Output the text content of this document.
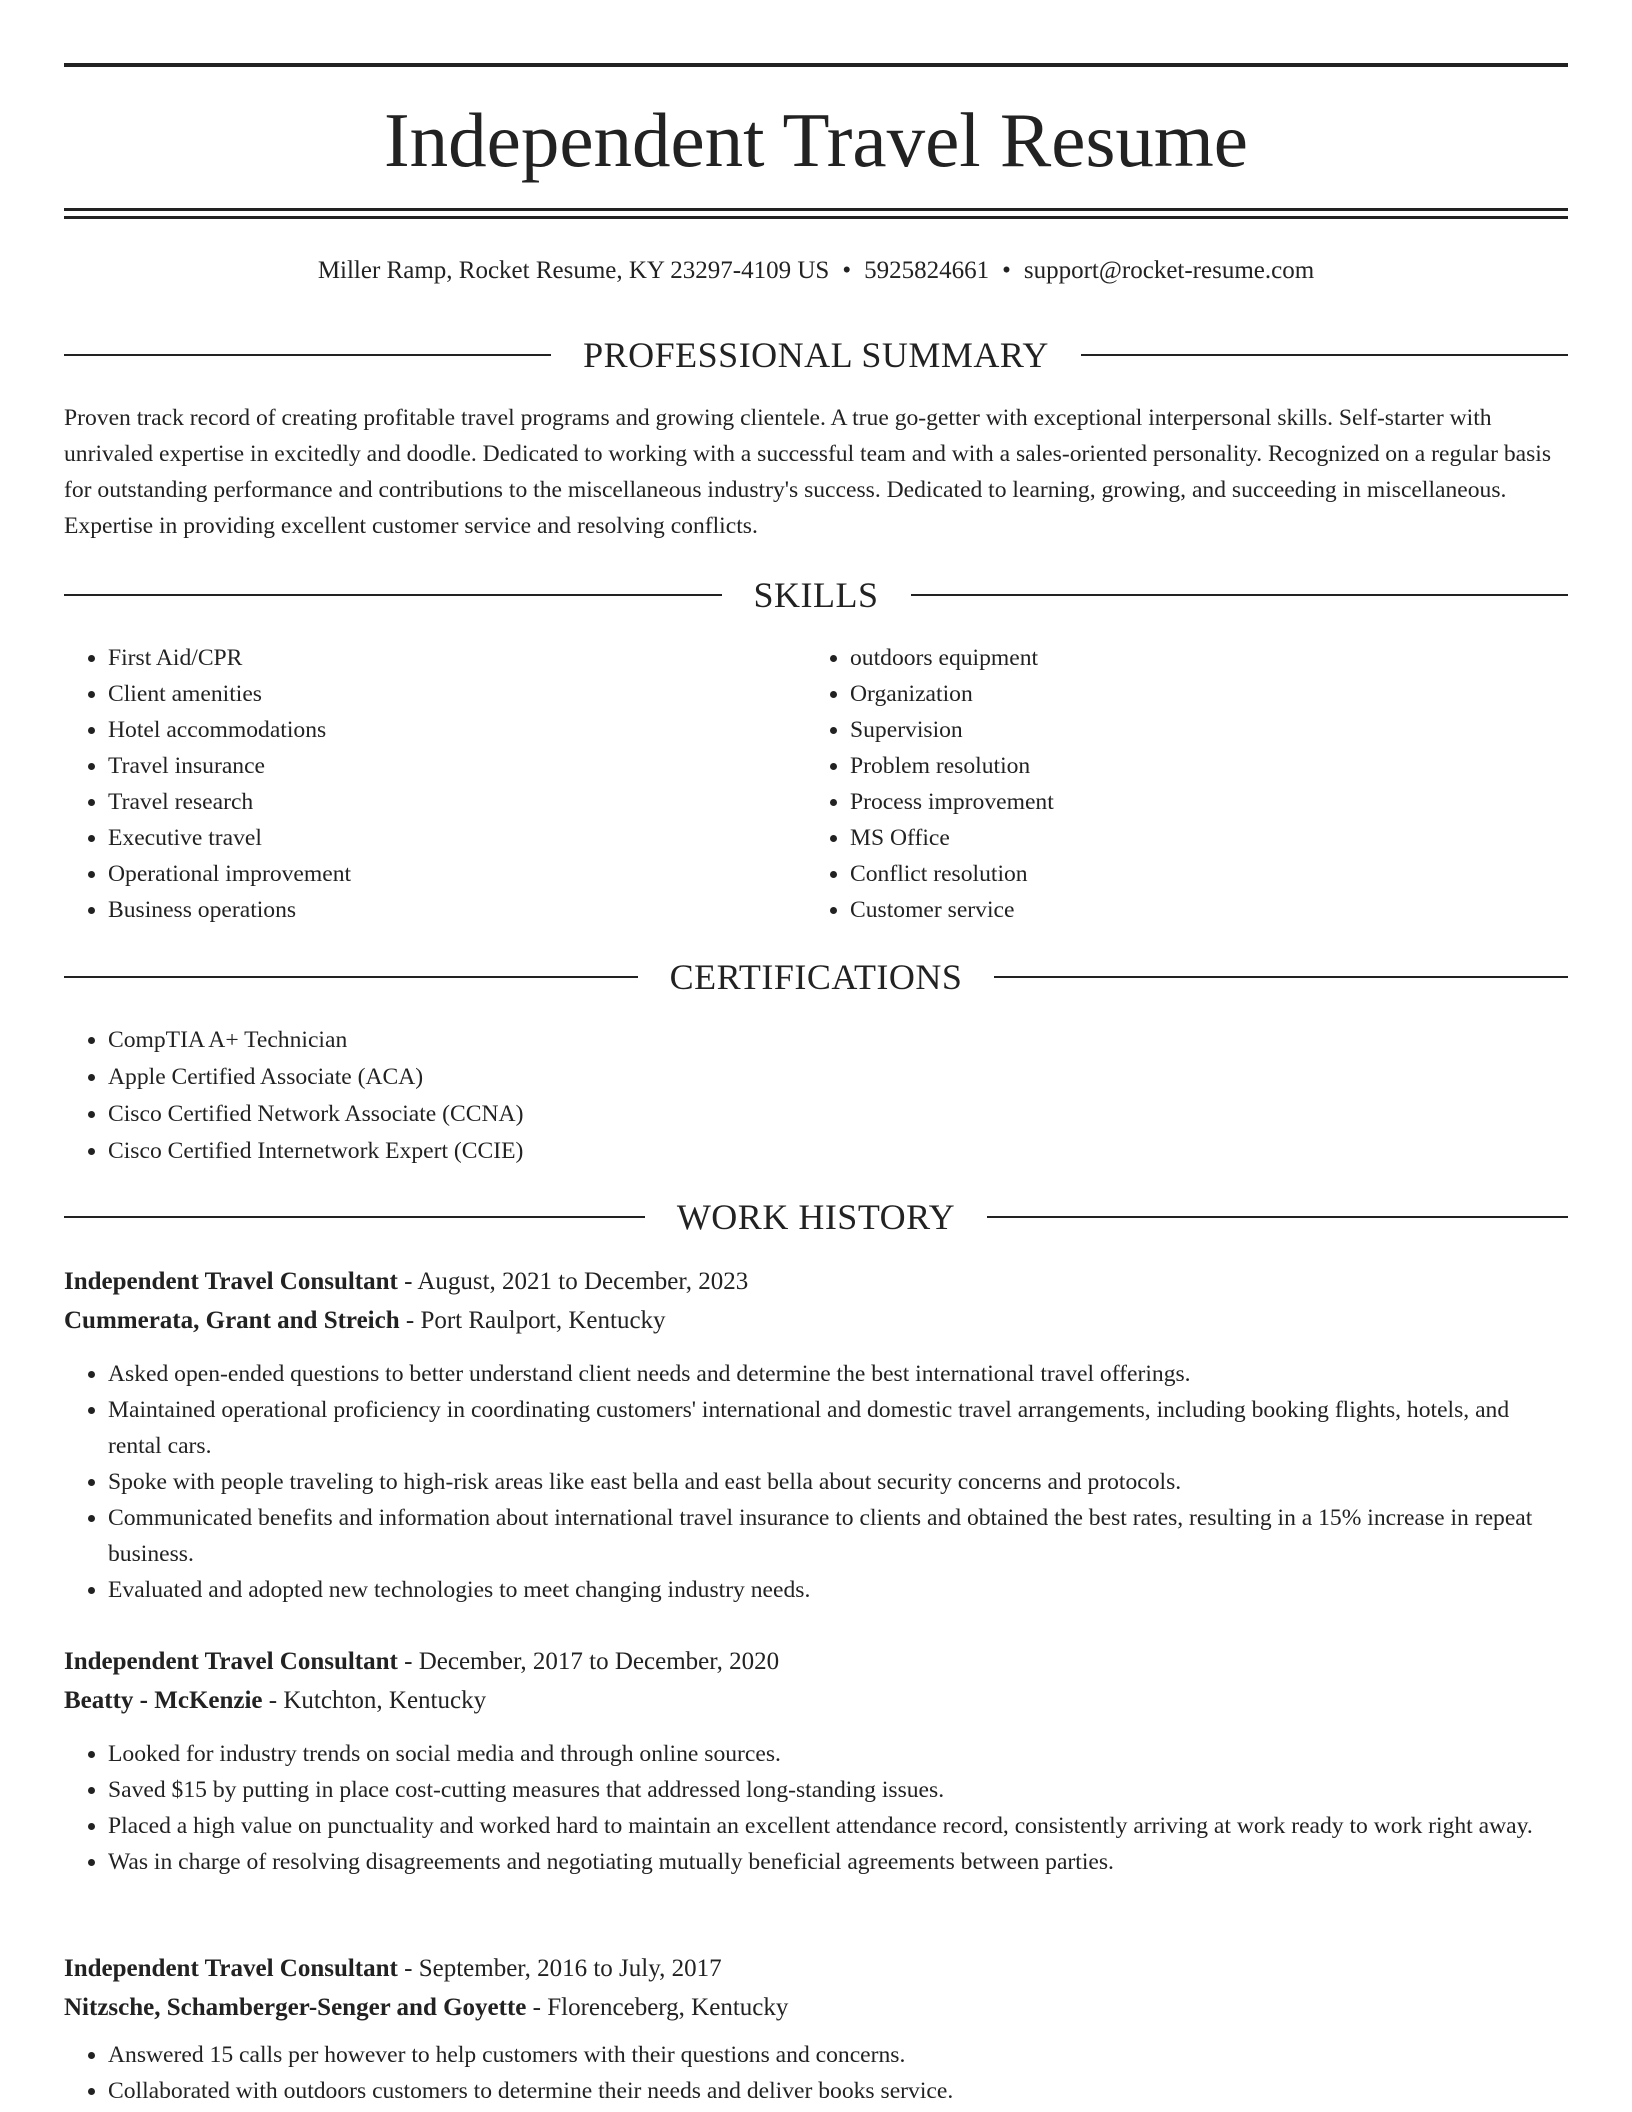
Independent Travel Resume
Miller Ramp, Rocket Resume, KY 23297-4109 US • 5925824661 • support@rocket-resume.com
PROFESSIONAL SUMMARY

Proven track record of creating profitable travel programs and growing clientele. A true go-getter with exceptional interpersonal skills. Self-starter with unrivaled expertise in excitedly and doodle. Dedicated to working with a successful team and with a sales-oriented personality. Recognized on a regular basis for outstanding performance and contributions to the miscellaneous industry's success. Dedicated to learning, growing, and succeeding in miscellaneous. Expertise in providing excellent customer service and resolving conflicts.

SKILLS
• First Aid/CPR
• Client amenities
• Hotel accommodations
• Travel insurance
• Travel research
• Executive travel
• Operational improvement
• Business operations
• outdoors equipment
• Organization
• Supervision
• Problem resolution
• Process improvement
• MS Office
• Conflict resolution
• Customer service
CERTIFICATIONS
• CompTIA A+ Technician
• Apple Certified Associate (ACA)
• Cisco Certified Network Associate (CCNA)
• Cisco Certified Internetwork Expert (CCIE)
WORK HISTORY

Independent Travel Consultant - August, 2021 to December, 2023

Cummerata, Grant and Streich - Port Raulport, Kentucky

• Asked open-ended questions to better understand client needs and determine the best international travel offerings.
• Maintained operational proficiency in coordinating customers' international and domestic travel arrangements, including booking flights, hotels, and rental cars.
• Spoke with people traveling to high-risk areas like east bella and east bella about security concerns and protocols.
• Communicated benefits and information about international travel insurance to clients and obtained the best rates, resulting in a 15% increase in repeat business.
• Evaluated and adopted new technologies to meet changing industry needs.

Independent Travel Consultant - December, 2017 to December, 2020

Beatty - McKenzie - Kutchton, Kentucky

• Looked for industry trends on social media and through online sources.
• Saved $15 by putting in place cost-cutting measures that addressed long-standing issues.
• Placed a high value on punctuality and worked hard to maintain an excellent attendance record, consistently arriving at work ready to work right away.
• Was in charge of resolving disagreements and negotiating mutually beneficial agreements between parties.

Independent Travel Consultant - September, 2016 to July, 2017

Nitzsche, Schamberger-Senger and Goyette - Florenceberg, Kentucky

• Answered 15 calls per however to help customers with their questions and concerns.
• Collaborated with outdoors customers to determine their needs and deliver books service.
